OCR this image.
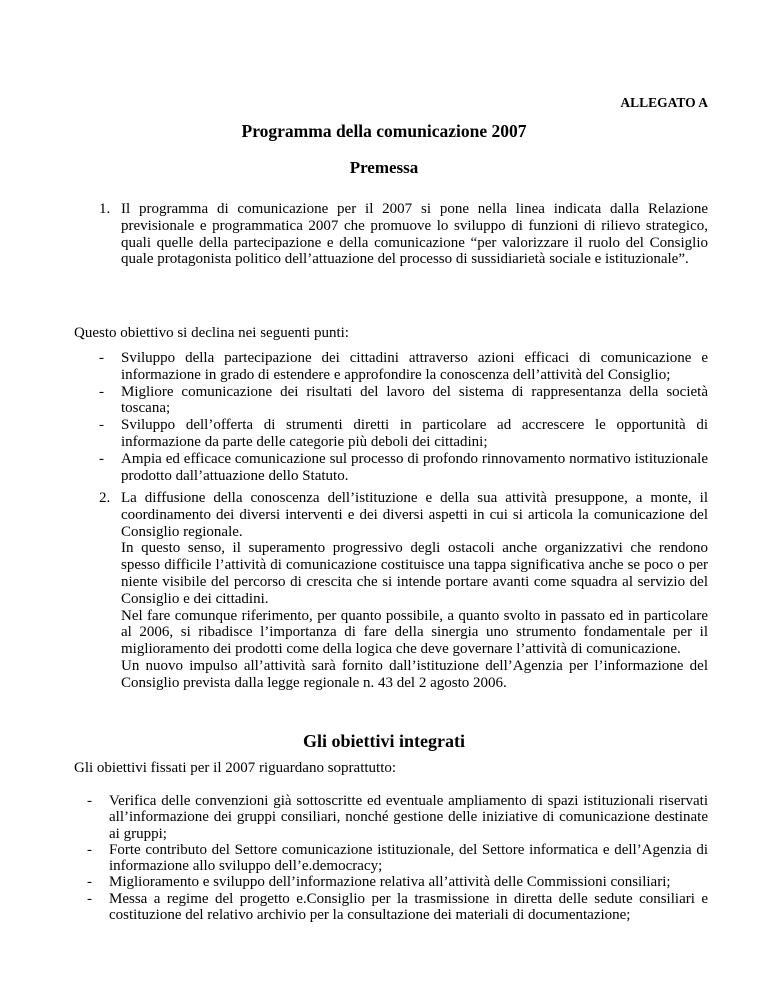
ALLEGATO A
Programma della comunicazione 2007
Premessa
1. Il programma di comunicazione per il 2007 si pone nella linea indicata dalla Relazione previsionale e programmatica 2007 che promuove lo sviluppo di funzioni di rilievo strategico, quali quelle della partecipazione e della comunicazione “per valorizzare il ruolo del Consiglio quale protagonista politico dell’attuazione del processo di sussidiarietà sociale e istituzionale”.

Questo obiettivo si declina nei seguenti punti:
-	Sviluppo della partecipazione dei cittadini attraverso azioni efficaci di comunicazione e informazione in grado di estendere e approfondire la conoscenza dell’attività del Consiglio;
-	Migliore comunicazione dei risultati del lavoro del sistema di rappresentanza della società toscana;
-	Sviluppo dell’offerta di strumenti diretti in particolare ad accrescere le opportunità di informazione da parte delle categorie più deboli dei cittadini;
-	Ampia ed efficace comunicazione sul processo di profondo rinnovamento normativo istituzionale prodotto dall’attuazione dello Statuto.
2. La diffusione della conoscenza dell’istituzione e della sua attività presuppone, a monte, il coordinamento dei diversi interventi e dei diversi aspetti in cui si articola la comunicazione del Consiglio regionale.

In questo senso, il superamento progressivo degli ostacoli anche organizzativi che rendono spesso difficile l’attività di comunicazione costituisce una tappa significativa anche se poco o per niente visibile del percorso di crescita che si intende portare avanti come squadra al servizio del Consiglio e dei cittadini.

Nel fare comunque riferimento, per quanto possibile, a quanto svolto in passato ed in particolare al 2006, si ribadisce l’importanza di fare della sinergia uno strumento fondamentale per il miglioramento dei prodotti come della logica che deve governare l’attività di comunicazione.

Un nuovo impulso all’attività sarà fornito dall’istituzione dell’Agenzia per l’informazione del Consiglio prevista dalla legge regionale n. 43 del 2 agosto 2006.

Gli obiettivi integrati
Gli obiettivi fissati per il 2007 riguardano soprattutto:
-	Verifica delle convenzioni già sottoscritte ed eventuale ampliamento di spazi istituzionali riservati all’informazione dei gruppi consiliari, nonché gestione delle iniziative di comunicazione destinate ai gruppi;
-	Forte contributo del Settore comunicazione istituzionale, del Settore informatica e dell’Agenzia di informazione allo sviluppo dell’e.democracy;
-	Miglioramento e sviluppo dell’informazione relativa all’attività delle Commissioni consiliari;
-	Messa a regime del progetto e.Consiglio per la trasmissione in diretta delle sedute consiliari e costituzione del relativo archivio per la consultazione dei materiali di documentazione;
